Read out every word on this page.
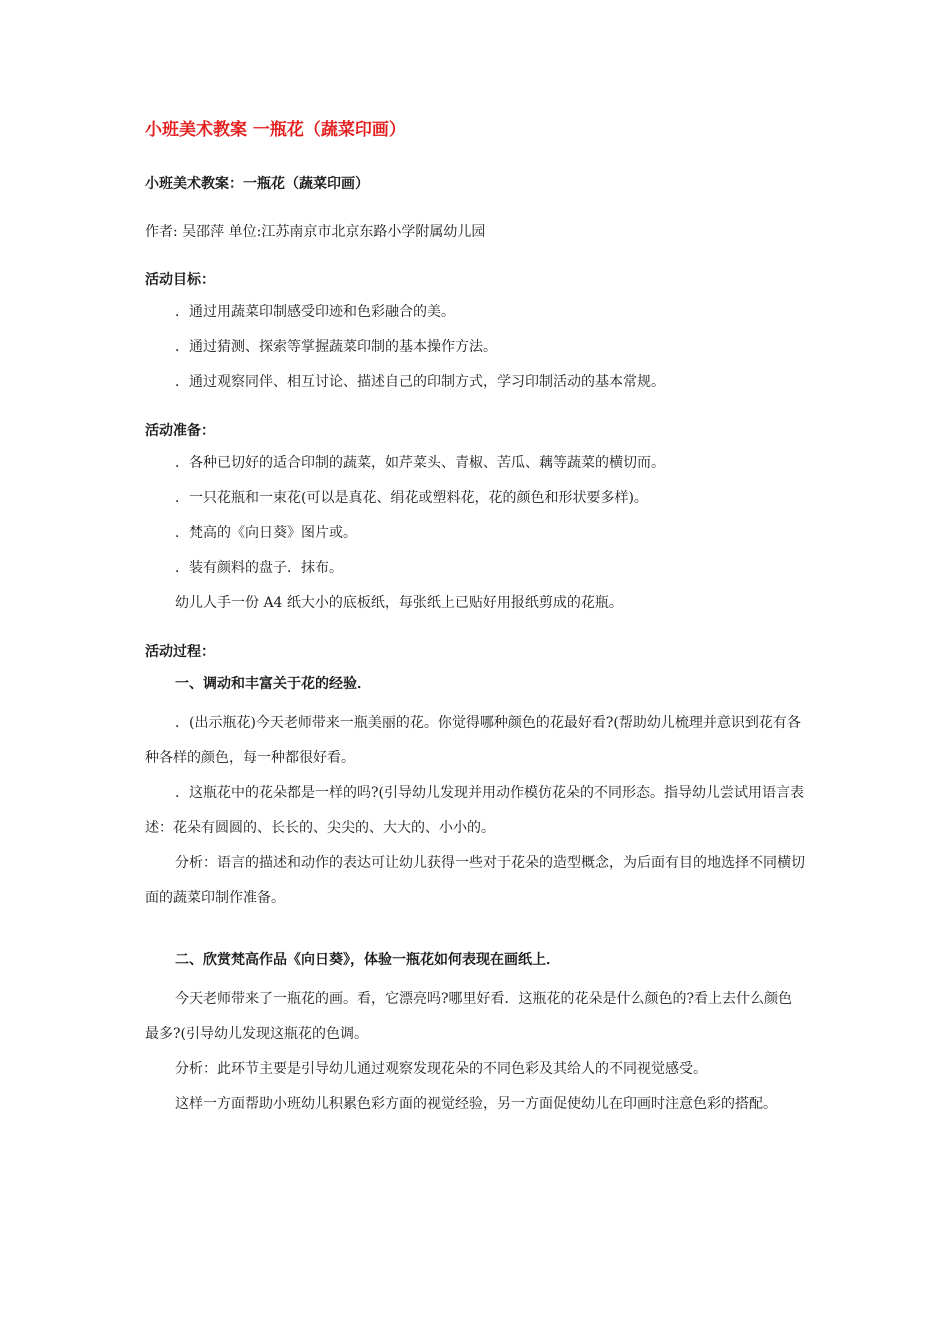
小班美术教案 一瓶花（蔬菜印画）
小班美术教案：一瓶花（蔬菜印画）
作者: 吴邵萍 单位:江苏南京市北京东路小学附属幼儿园
活动目标：
．通过用蔬菜印制感受印迹和色彩融合的美。
．通过猜测、探索等掌握蔬菜印制的基本操作方法。
．通过观察同伴、相互讨论、描述自己的印制方式，学习印制活动的基本常规。
活动准备：
．各种已切好的适合印制的蔬菜，如芹菜头、青椒、苦瓜、藕等蔬菜的横切而。
．一只花瓶和一束花(可以是真花、绢花或塑料花，花的颜色和形状要多样)。
．梵高的《向日葵》图片或。
．装有颜料的盘子．抹布。
幼儿人手一份 A4 纸大小的底板纸，每张纸上已贴好用报纸剪成的花瓶。
活动过程：
一、调动和丰富关于花的经验．

．(出示瓶花)今天老师带来一瓶美丽的花。你觉得哪种颜色的花最好看?(帮助幼儿梳理并意识到花有各种各样的颜色，每一种都很好看。

．这瓶花中的花朵都是一样的吗?(引导幼儿发现并用动作模仿花朵的不同形态。指导幼儿尝试用语言表述：花朵有圆圆的、长长的、尖尖的、大大的、小小的。

分析：语言的描述和动作的表达可让幼儿获得一些对于花朵的造型概念，为后面有目的地选择不同横切面的蔬菜印制作准备。

二、欣赏梵高作品《向日葵》，体验一瓶花如何表现在画纸上．

今天老师带来了一瓶花的画。看，它漂亮吗?哪里好看．这瓶花的花朵是什么颜色的?看上去什么颜色最多?(引导幼儿发现这瓶花的色调。

分析：此环节主要是引导幼儿通过观察发现花朵的不同色彩及其给人的不同视觉感受。

这样一方面帮助小班幼儿积累色彩方面的视觉经验，另一方面促使幼儿在印画时注意色彩的搭配。
